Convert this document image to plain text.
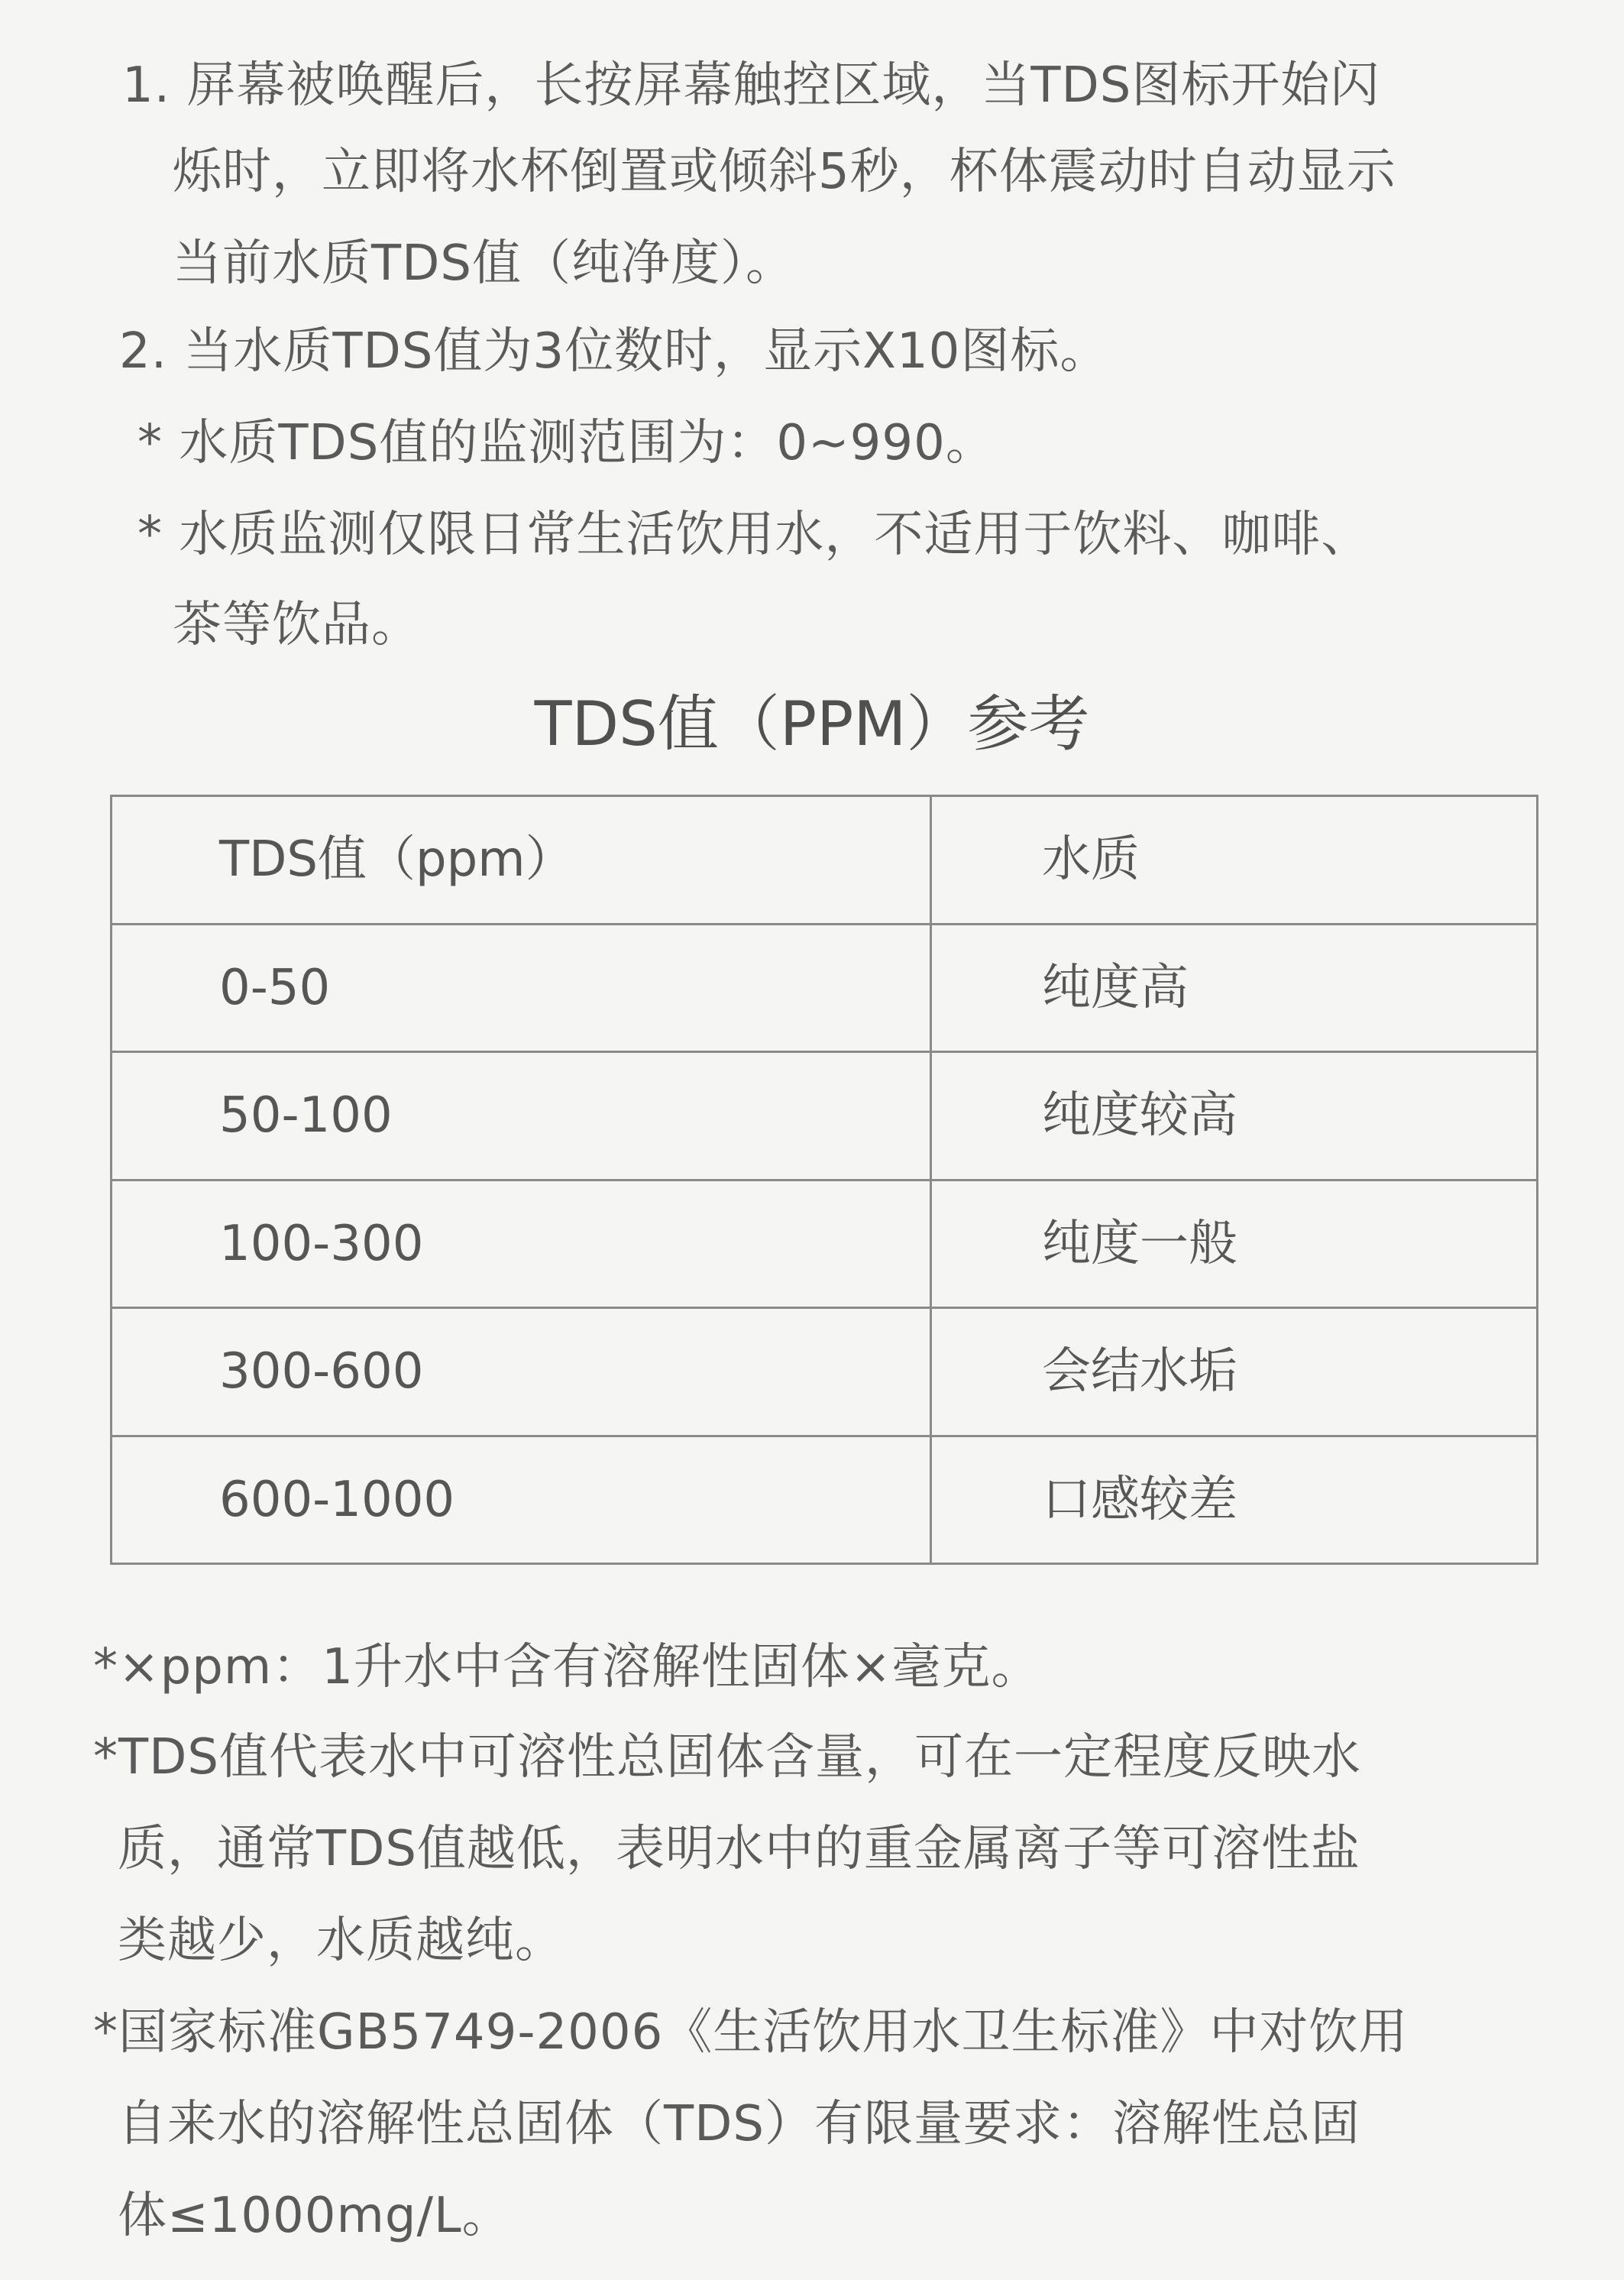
1. 屏幕被唤醒后，长按屏幕触控区域，当TDS图标开始闪
烁时，立即将水杯倒置或倾斜5秒，杯体震动时自动显示
当前水质TDS值（纯净度）。
2. 当水质TDS值为3位数时，显示X10图标。
* 水质TDS值的监测范围为：0~990。
* 水质监测仅限日常生活饮用水，不适用于饮料、咖啡、
茶等饮品。
TDS值（PPM）参考
TDS值（ppm）	水质
0-50	纯度高
50-100	纯度较高
100-300	纯度一般
300-600	会结水垢
600-1000	口感较差
*×ppm：1升水中含有溶解性固体×毫克。
*TDS值代表水中可溶性总固体含量，可在一定程度反映水
质，通常TDS值越低，表明水中的重金属离子等可溶性盐
类越少，水质越纯。
*国家标准GB5749-2006《生活饮用水卫生标准》中对饮用
自来水的溶解性总固体（TDS）有限量要求：溶解性总固
体≤1000mg/L。
